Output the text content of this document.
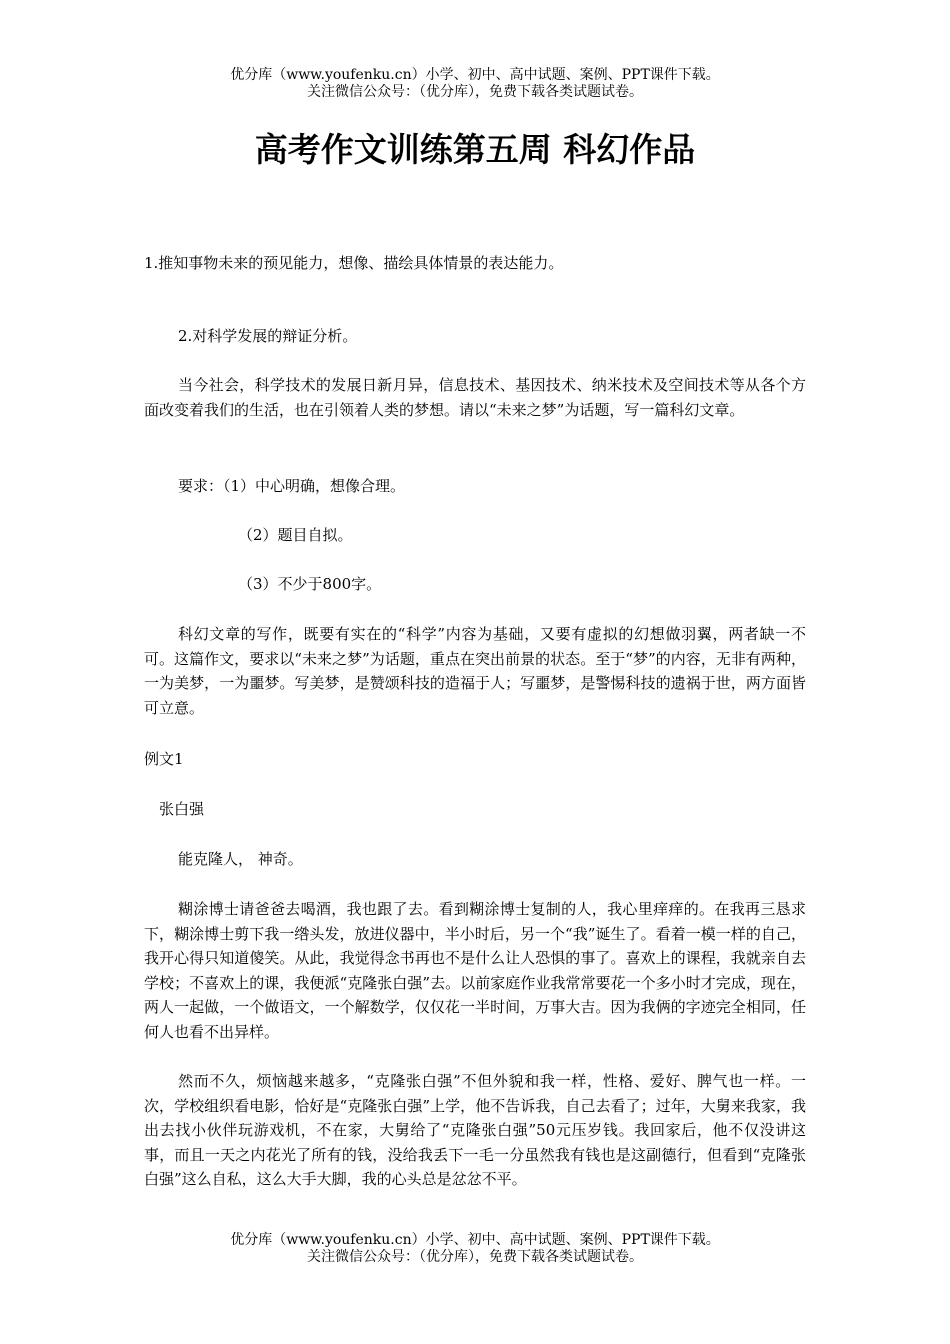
优分库（www.youfenku.cn）小学、初中、高中试题、案例、PPT课件下载。
关注微信公众号：（优分库），免费下载各类试题试卷。
高考作文训练第五周 科幻作品
1.推知事物未来的预见能力，想像、描绘具体情景的表达能力。
2.对科学发展的辩证分析。
当今社会，科学技术的发展日新月异，信息技术、基因技术、纳米技术及空间技术等从各个方面改变着我们的生活，也在引领着人类的梦想。请以“未来之梦”为话题，写一篇科幻文章。
要求：（1）中心明确，想像合理。
（2）题目自拟。
（3）不少于800字。
科幻文章的写作，既要有实在的“科学”内容为基础，又要有虚拟的幻想做羽翼，两者缺一不可。这篇作文，要求以“未来之梦”为话题，重点在突出前景的状态。至于“梦”的内容，无非有两种，一为美梦，一为噩梦。写美梦，是赞颂科技的造福于人；写噩梦，是警惕科技的遗祸于世，两方面皆可立意。
例文1
张白强
能克隆人， 神奇。
糊涂博士请爸爸去喝酒，我也跟了去。看到糊涂博士复制的人，我心里痒痒的。在我再三恳求下，糊涂博士剪下我一绺头发，放进仪器中，半小时后，另一个“我”诞生了。看着一模一样的自己，我开心得只知道傻笑。从此，我觉得念书再也不是什么让人恐惧的事了。喜欢上的课程，我就亲自去学校；不喜欢上的课，我便派“克隆张白强”去。以前家庭作业我常常要花一个多小时才完成，现在，两人一起做，一个做语文，一个解数学，仅仅花一半时间，万事大吉。因为我俩的字迹完全相同，任何人也看不出异样。
然而不久，烦恼越来越多，“克隆张白强”不但外貌和我一样，性格、爱好、脾气也一样。一次，学校组织看电影，恰好是“克隆张白强”上学，他不告诉我，自己去看了；过年，大舅来我家，我出去找小伙伴玩游戏机，不在家，大舅给了“克隆张白强”50元压岁钱。我回家后，他不仅没讲这事，而且一天之内花光了所有的钱，没给我丢下一毛一分虽然我有钱也是这副德行，但看到“克隆张白强”这么自私，这么大手大脚，我的心头总是忿忿不平。
优分库（www.youfenku.cn）小学、初中、高中试题、案例、PPT课件下载。
关注微信公众号：（优分库），免费下载各类试题试卷。
